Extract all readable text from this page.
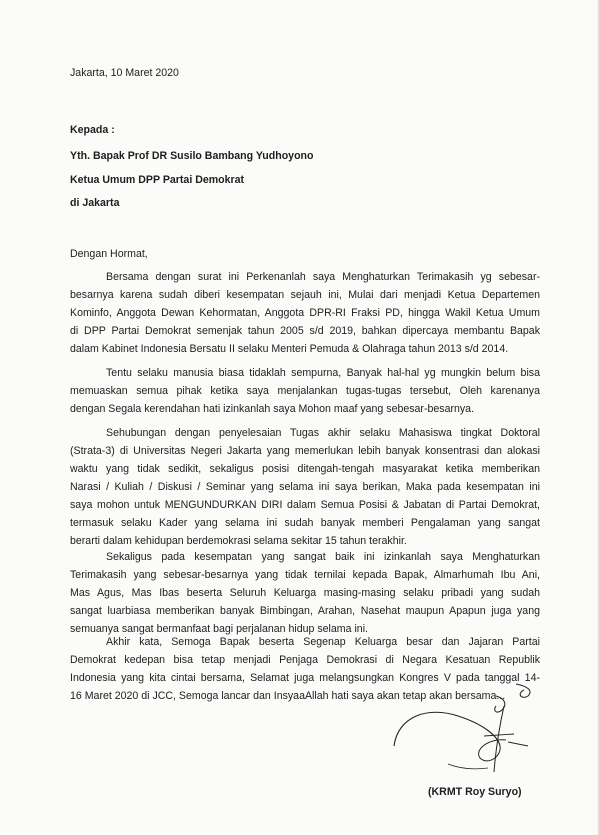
Jakarta, 10 Maret 2020
Kepada :
Yth. Bapak Prof DR Susilo Bambang Yudhoyono
Ketua Umum DPP Partai Demokrat
di Jakarta
Dengan Hormat,
Bersama dengan surat ini Perkenanlah saya Menghaturkan Terimakasih yg sebesar-
besarnya karena sudah diberi kesempatan sejauh ini, Mulai dari menjadi Ketua Departemen
Kominfo, Anggota Dewan Kehormatan, Anggota DPR-RI Fraksi PD, hingga Wakil Ketua Umum
di DPP Partai Demokrat semenjak tahun 2005 s/d 2019, bahkan dipercaya membantu Bapak
dalam Kabinet Indonesia Bersatu II selaku Menteri Pemuda & Olahraga tahun 2013 s/d 2014.
Tentu selaku manusia biasa tidaklah sempurna, Banyak hal-hal yg mungkin belum bisa
memuaskan semua pihak ketika saya menjalankan tugas-tugas tersebut, Oleh karenanya
dengan Segala kerendahan hati izinkanlah saya Mohon maaf yang sebesar-besarnya.
Sehubungan dengan penyelesaian Tugas akhir selaku Mahasiswa tingkat Doktoral
(Strata-3) di Universitas Negeri Jakarta yang memerlukan lebih banyak konsentrasi dan alokasi
waktu yang tidak sedikit, sekaligus posisi ditengah-tengah masyarakat ketika memberikan
Narasi / Kuliah / Diskusi / Seminar yang selama ini saya berikan, Maka pada kesempatan ini
saya mohon untuk MENGUNDURKAN DIRI dalam Semua Posisi & Jabatan di Partai Demokrat,
termasuk selaku Kader yang selama ini sudah banyak memberi Pengalaman yang sangat
berarti dalam kehidupan berdemokrasi selama sekitar 15 tahun terakhir.
Sekaligus pada kesempatan yang sangat baik ini izinkanlah saya Menghaturkan
Terimakasih yang sebesar-besarnya yang tidak ternilai kepada Bapak, Almarhumah Ibu Ani,
Mas Agus, Mas Ibas beserta Seluruh Keluarga masing-masing selaku pribadi yang sudah
sangat luarbiasa memberikan banyak Bimbingan, Arahan, Nasehat maupun Apapun juga yang
semuanya sangat bermanfaat bagi perjalanan hidup selama ini.
Akhir kata, Semoga Bapak beserta Segenap Keluarga besar dan Jajaran Partai
Demokrat kedepan bisa tetap menjadi Penjaga Demokrasi di Negara Kesatuan Republik
Indonesia yang kita cintai bersama, Selamat juga melangsungkan Kongres V pada tanggal 14-
16 Maret 2020 di JCC, Semoga lancar dan InsyaaAllah hati saya akan tetap akan bersama...
(KRMT Roy Suryo)
